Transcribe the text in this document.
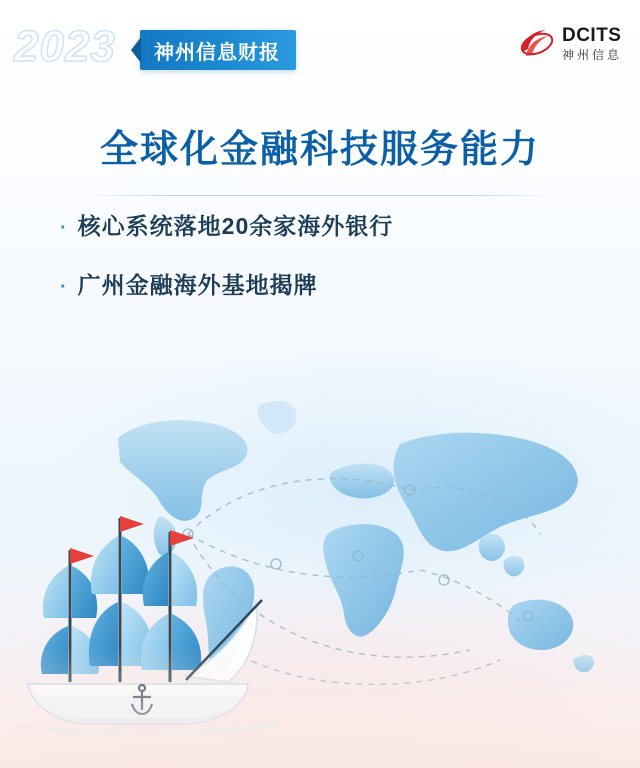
2023 神州信息财报
DCITS
神州信息
全球化金融科技服务能力
· 核心系统落地20余家海外银行
· 广州金融海外基地揭牌
